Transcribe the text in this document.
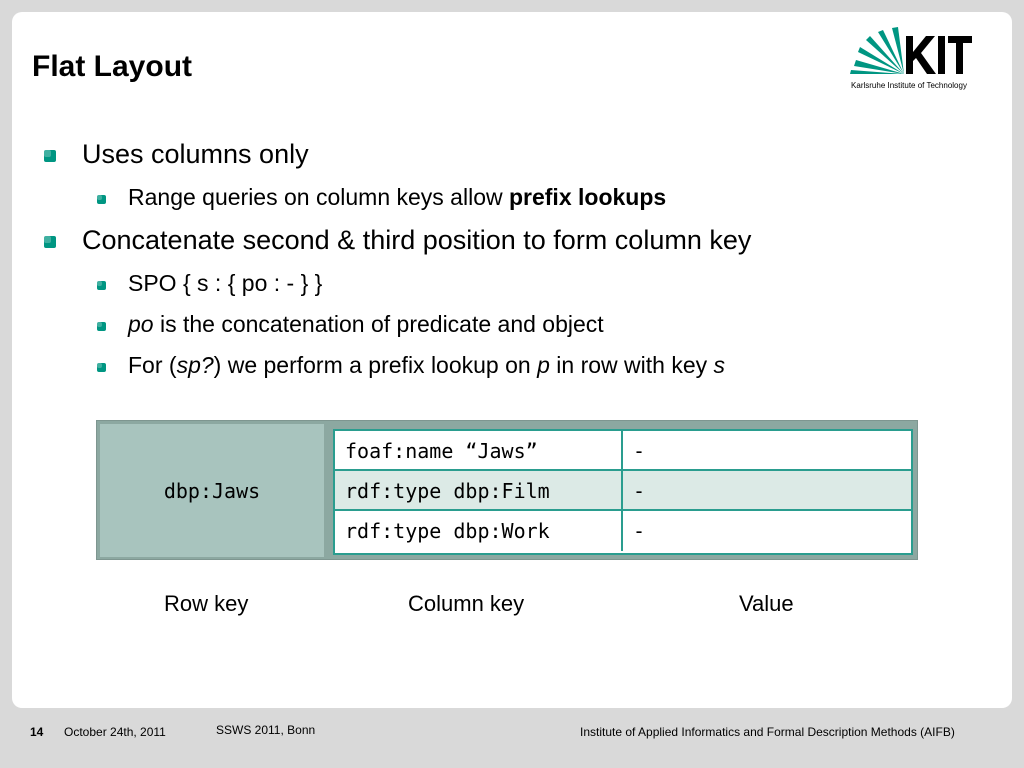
Flat Layout
Karlsruhe Institute of Technology
Uses columns only
Range queries on column keys allow prefix lookups
Concatenate second & third position to form column key
SPO { s : { po : - } }
po is the concatenation of predicate and object
For (sp?) we perform a prefix lookup on p in row with key s
dbp:Jaws
foaf:name “Jaws”	-
rdf:type dbp:Film	-
rdf:type dbp:Work	-
Row key	Column key	Value
14 October 24th, 2011	SSWS 2011, Bonn	Institute of Applied Informatics and Formal Description Methods (AIFB)
